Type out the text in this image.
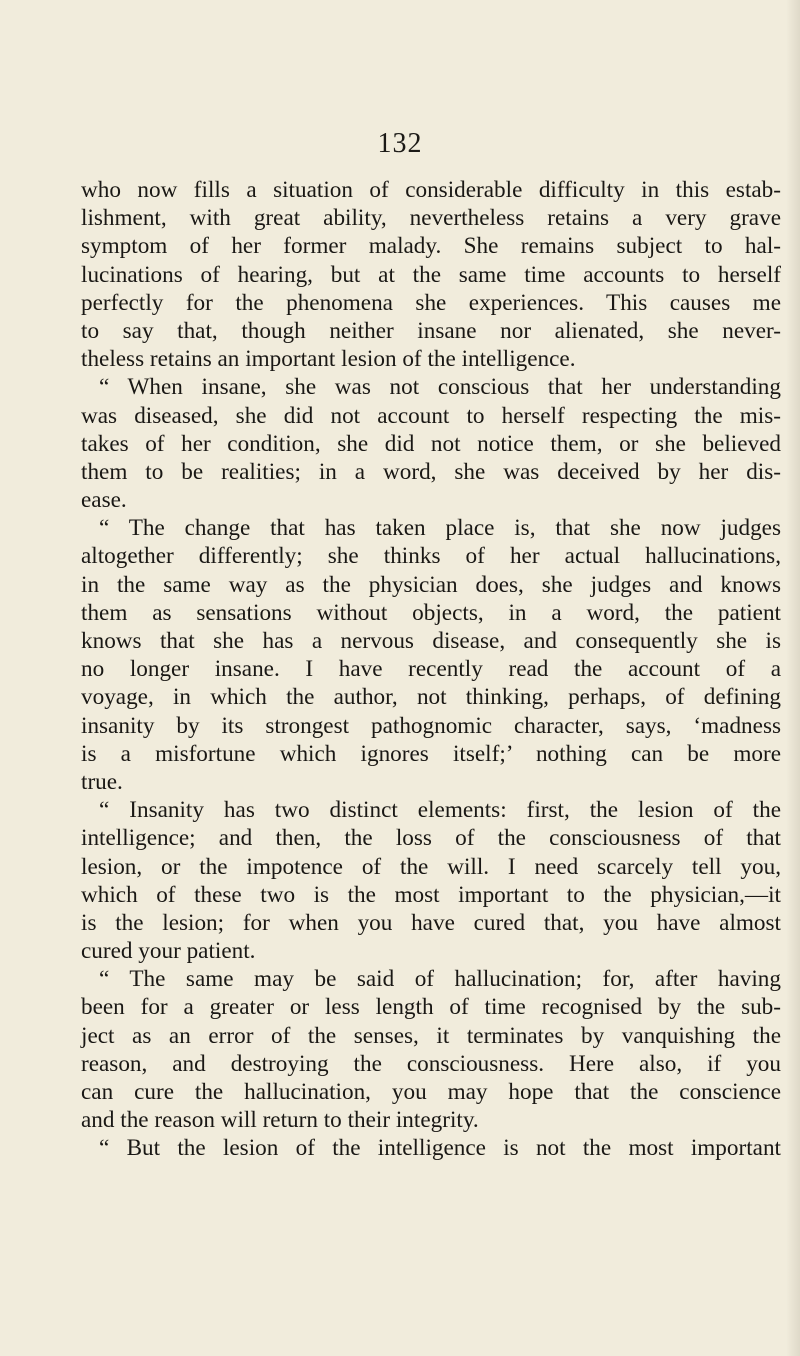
132
who now fills a situation of considerable difficulty in this estab-
lishment, with great ability, nevertheless retains a very grave
symptom of her former malady. She remains subject to hal-
lucinations of hearing, but at the same time accounts to herself
perfectly for the phenomena she experiences. This causes me
to say that, though neither insane nor alienated, she never-
theless retains an important lesion of the intelligence.
“ When insane, she was not conscious that her understanding
was diseased, she did not account to herself respecting the mis-
takes of her condition, she did not notice them, or she believed
them to be realities; in a word, she was deceived by her dis-
ease.
“ The change that has taken place is, that she now judges
altogether differently; she thinks of her actual hallucinations,
in the same way as the physician does, she judges and knows
them as sensations without objects, in a word, the patient
knows that she has a nervous disease, and consequently she is
no longer insane. I have recently read the account of a
voyage, in which the author, not thinking, perhaps, of defining
insanity by its strongest pathognomic character, says, ‘madness
is a misfortune which ignores itself;’ nothing can be more
true.
“ Insanity has two distinct elements: first, the lesion of the
intelligence; and then, the loss of the consciousness of that
lesion, or the impotence of the will. I need scarcely tell you,
which of these two is the most important to the physician,—it
is the lesion; for when you have cured that, you have almost
cured your patient.
“ The same may be said of hallucination; for, after having
been for a greater or less length of time recognised by the sub-
ject as an error of the senses, it terminates by vanquishing the
reason, and destroying the consciousness. Here also, if you
can cure the hallucination, you may hope that the conscience
and the reason will return to their integrity.
“ But the lesion of the intelligence is not the most important
